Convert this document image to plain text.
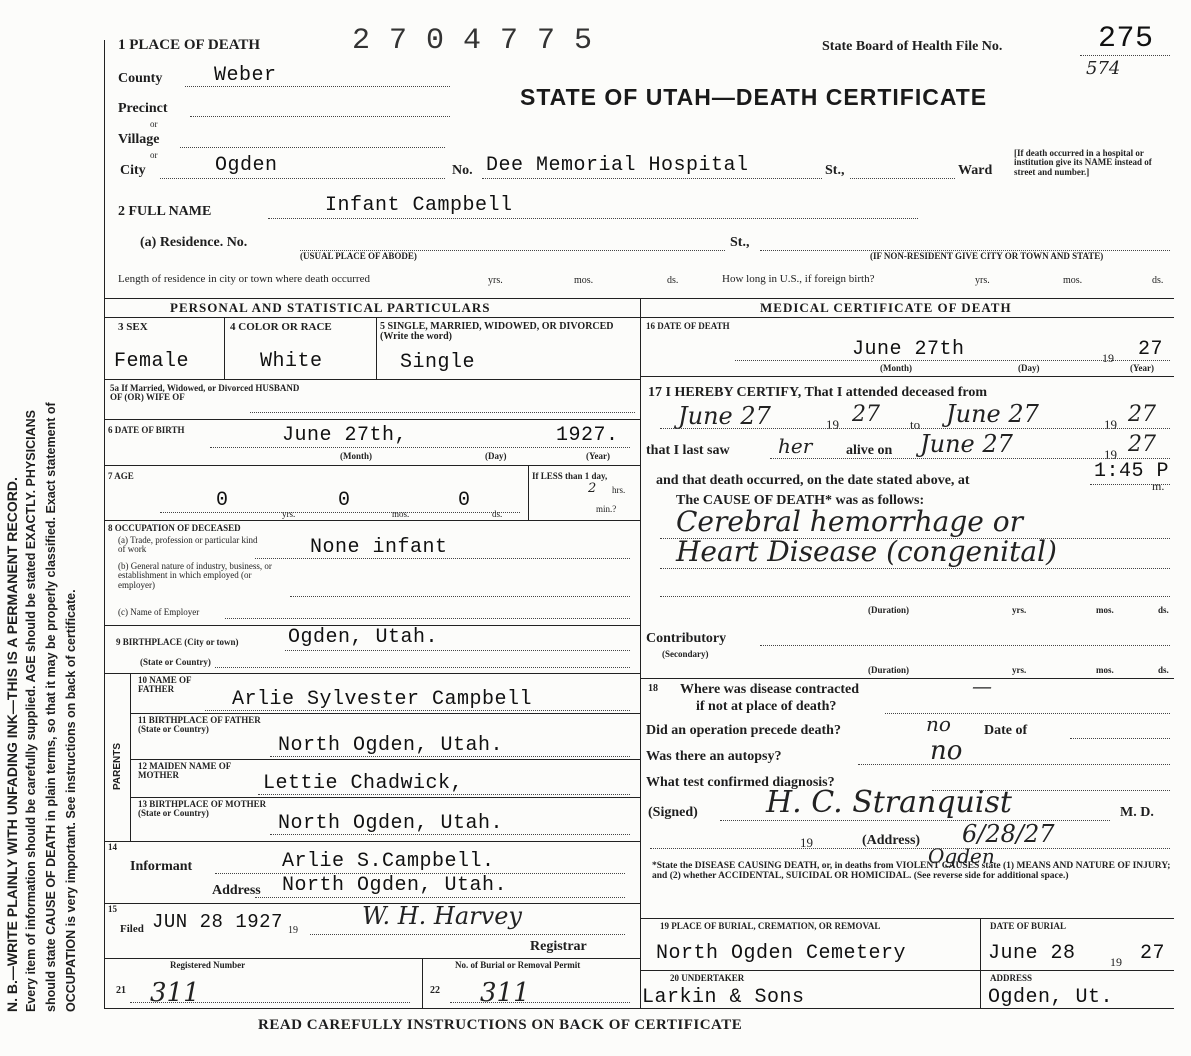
N. B.—WRITE PLAINLY WITH UNFADING INK—THIS IS A PERMANENT RECORD. Every item of information should be carefully supplied. AGE should be stated EXACTLY. PHYSICIANS should state CAUSE OF DEATH in plain terms, so that it may be properly classified. Exact statement of OCCUPATION is very important. See instructions on back of certificate.
1 PLACE OF DEATH	2 7 0 4 7 7 5	State Board of Health File No.	275
574
STATE OF UTAH—DEATH CERTIFICATE
County	Weber
Precinct
or
Village
or
City	Ogden	No. Dee Memorial Hospital	St.,	Ward
[If death occurred in a hospital or institution give its NAME instead of street and number.]
2 FULL NAME	Infant Campbell
(a) Residence. No.
(USUAL PLACE OF ABODE)
St.,
(IF NON-RESIDENT GIVE CITY OR TOWN AND STATE)
Length of residence in city or town where death occurred	yrs.	mos.	ds.	How long in U.S., if foreign birth?	yrs.	mos.	ds.
PERSONAL AND STATISTICAL PARTICULARS	MEDICAL CERTIFICATE OF DEATH
3 SEX
Female
4 COLOR OR RACE
White
5 SINGLE, MARRIED, WIDOWED, OR DIVORCED (Write the word)
Single
5a If Married, Widowed, or Divorced HUSBAND OF (OR) WIFE OF
6 DATE OF BIRTH	June 27th,	1927.
(Month)	(Day)	(Year)
7 AGE
0	0	0
yrs.	mos.	ds.
If LESS than 1 day,
2 hrs.
min.?
8 OCCUPATION OF DECEASED
(a) Trade, profession or particular kind of work	None infant
(b) General nature of industry, business, or establishment in which employed (or employer)
(c) Name of Employer
9 BIRTHPLACE (City or town) Ogden, Utah.
(State or Country)
PARENTS
10 NAME OF FATHER	Arlie Sylvester Campbell
11 BIRTHPLACE OF FATHER (State or Country)
North Ogden, Utah.
12 MAIDEN NAME OF MOTHER	Lettie Chadwick,
13 BIRTHPLACE OF MOTHER (State or Country)	North Ogden, Utah.
14
Informant	Arlie S.Campbell.
Address North Ogden, Utah.
15
Filed JUN 28 1927 19
W. H. Harvey
Registrar
Registered Number
21 311
No. of Burial or Removal Permit
22 311
16 DATE OF DEATH
June 27th	19 27
(Month)	(Day)	(Year)
17 I HEREBY CERTIFY, That I attended deceased from
June 27	19 27 to June 27	19 27
that I last saw her alive on June 27	19 27
and that death occurred, on the date stated above, at	1:45 P
m.
The CAUSE OF DEATH* was as follows:
Cerebral hemorrhage or
Heart Disease (congenital)
(Duration)	yrs.	mos.	ds.
Contributory
(Secondary)
(Duration)	yrs.	mos.	ds.
18 Where was disease contracted	—
if not at place of death?
Did an operation precede death?	no Date of
Was there an autopsy?	no
What test confirmed diagnosis?
(Signed) H. C. Stranquist	M. D.
19	(Address) 6/28/27
Ogden
*State the DISEASE CAUSING DEATH, or, in deaths from VIOLENT CAUSES state (1) MEANS AND NATURE OF INJURY; and (2) whether ACCIDENTAL, SUICIDAL OR HOMICIDAL. (See reverse side for additional space.)
19 PLACE OF BURIAL, CREMATION, OR REMOVAL
North Ogden Cemetery
DATE OF BURIAL
June 28	19 27
20 UNDERTAKER
Larkin & Sons
ADDRESS
Ogden, Ut.
READ CAREFULLY INSTRUCTIONS ON BACK OF CERTIFICATE
